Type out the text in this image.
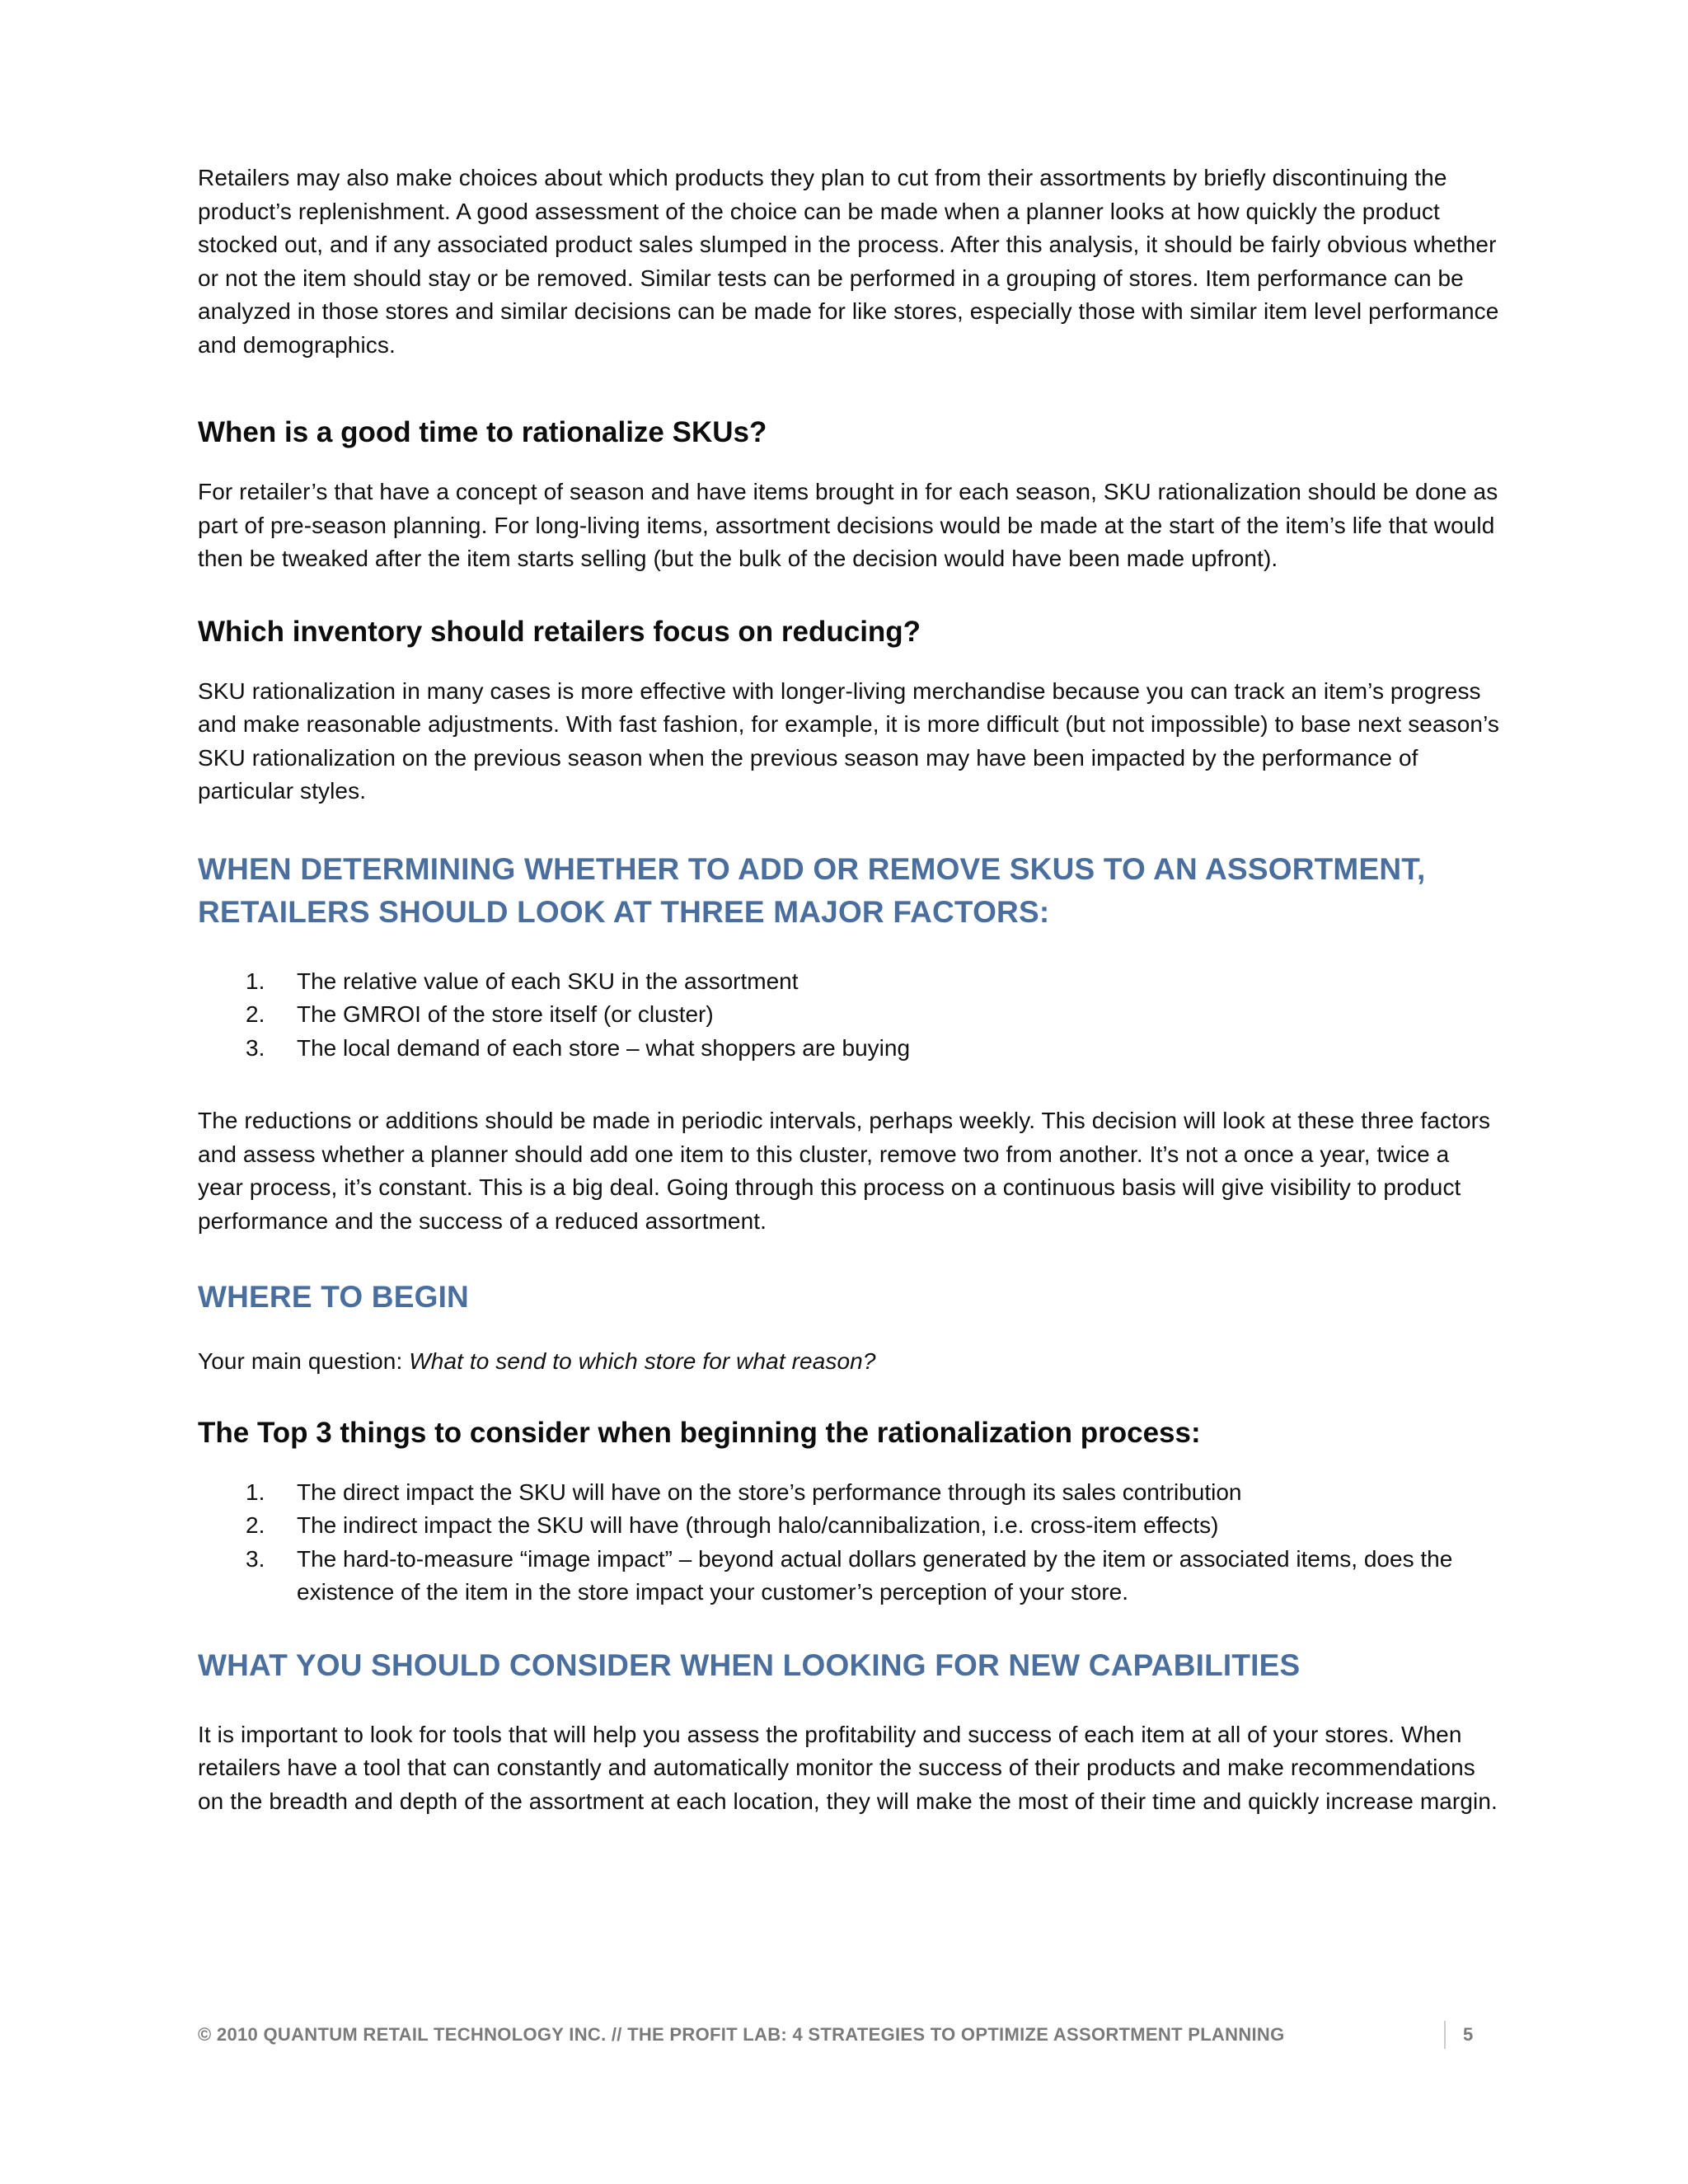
Retailers may also make choices about which products they plan to cut from their assortments by briefly discontinuing the product’s replenishment. A good assessment of the choice can be made when a planner looks at how quickly the product stocked out, and if any associated product sales slumped in the process. After this analysis, it should be fairly obvious whether or not the item should stay or be removed. Similar tests can be performed in a grouping of stores. Item performance can be analyzed in those stores and similar decisions can be made for like stores, especially those with similar item level performance and demographics.

When is a good time to rationalize SKUs?

For retailer’s that have a concept of season and have items brought in for each season, SKU rationalization should be done as part of pre-season planning. For long-living items, assortment decisions would be made at the start of the item’s life that would then be tweaked after the item starts selling (but the bulk of the decision would have been made upfront).

Which inventory should retailers focus on reducing?

SKU rationalization in many cases is more effective with longer-living merchandise because you can track an item’s progress and make reasonable adjustments. With fast fashion, for example, it is more difficult (but not impossible) to base next season’s SKU rationalization on the previous season when the previous season may have been impacted by the performance of particular styles.

WHEN DETERMINING WHETHER TO ADD OR REMOVE SKUS TO AN ASSORTMENT, RETAILERS SHOULD LOOK AT THREE MAJOR FACTORS:
1. The relative value of each SKU in the assortment
2. The GMROI of the store itself (or cluster)
3. The local demand of each store – what shoppers are buying

The reductions or additions should be made in periodic intervals, perhaps weekly. This decision will look at these three factors and assess whether a planner should add one item to this cluster, remove two from another. It’s not a once a year, twice a year process, it’s constant. This is a big deal. Going through this process on a continuous basis will give visibility to product performance and the success of a reduced assortment.

WHERE TO BEGIN

Your main question: What to send to which store for what reason?

The Top 3 things to consider when beginning the rationalization process:
1. The direct impact the SKU will have on the store’s performance through its sales contribution
2. The indirect impact the SKU will have (through halo/cannibalization, i.e. cross-item effects)
3. The hard-to-measure “image impact” – beyond actual dollars generated by the item or associated items, does the existence of the item in the store impact your customer’s perception of your store.
WHAT YOU SHOULD CONSIDER WHEN LOOKING FOR NEW CAPABILITIES

It is important to look for tools that will help you assess the profitability and success of each item at all of your stores. When retailers have a tool that can constantly and automatically monitor the success of their products and make recommendations on the breadth and depth of the assortment at each location, they will make the most of their time and quickly increase margin.

© 2010 QUANTUM RETAIL TECHNOLOGY INC. // THE PROFIT LAB: 4 STRATEGIES TO OPTIMIZE ASSORTMENT PLANNING	5
